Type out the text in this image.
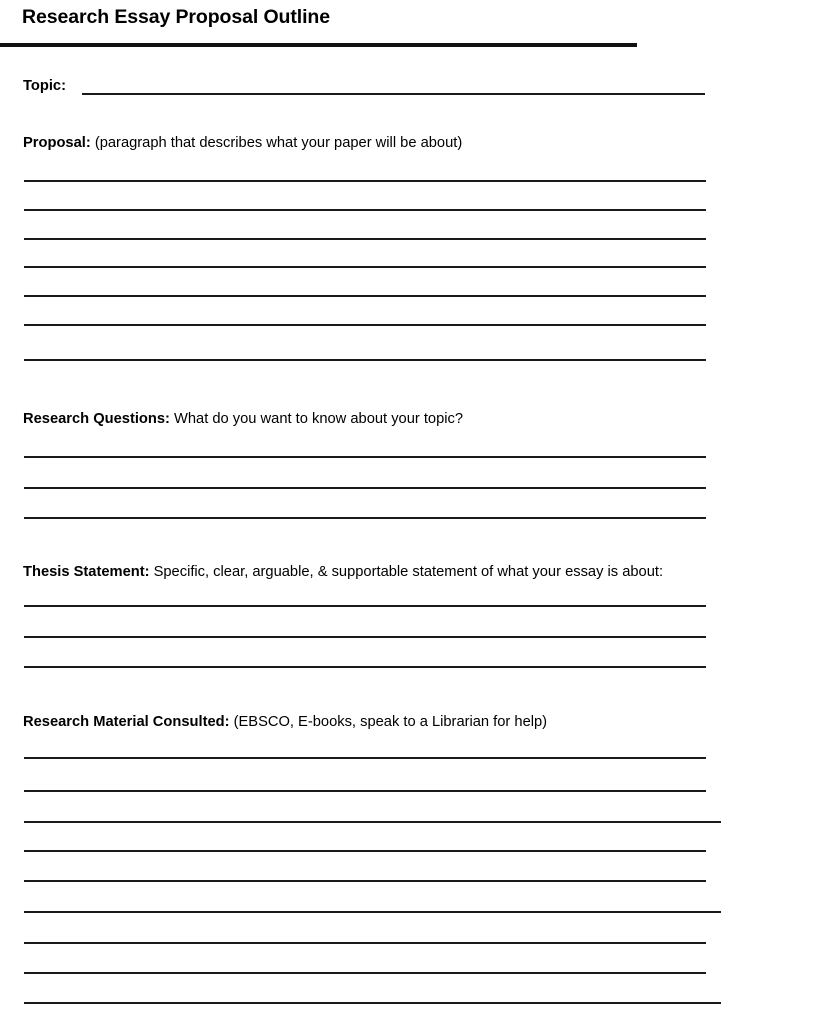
Research Essay Proposal Outline
Topic:
Proposal: (paragraph that describes what your paper will be about)
Research Questions: What do you want to know about your topic?
Thesis Statement: Specific, clear, arguable, & supportable statement of what your essay is about:
Research Material Consulted: (EBSCO, E-books, speak to a Librarian for help)
